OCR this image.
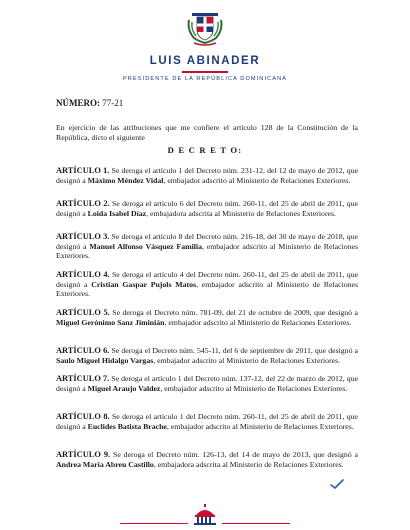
LUIS ABINADER
PRESIDENTE DE LA REPÚBLICA DOMINICANA
NÚMERO: 77-21
En ejercicio de las atribuciones que me confiere el artículo 128 de la Constitución de la República, dicto el siguiente
D E C R E T O:
ARTÍCULO 1. Se deroga el artículo 1 del Decreto núm. 231-12, del 12 de mayo de 2012, que designó a Máximo Méndez Vidal, embajador adscrito al Ministerio de Relaciones Exteriores.
ARTÍCULO 2. Se deroga el artículo 6 del Decreto núm. 260-11, del 25 de abril de 2011, que designó a Loida Isabel Díaz, embajadora adscrita al Ministerio de Relaciones Exteriores.
ARTÍCULO 3. Se deroga el artículo 8 del Decreto núm. 216-18, del 30 de mayo de 2018, que designó a Manuel Alfonso Vásquez Familia, embajador adscrito al Ministerio de Relaciones Exteriores.
ARTÍCULO 4. Se deroga el artículo 4 del Decreto núm. 260-11, del 25 de abril de 2011, que designó a Cristian Gaspar Pujols Matos, embajador adscrito al Ministerio de Relaciones Exteriores.
ARTÍCULO 5. Se deroga el Decreto núm. 781-09, del 21 de octubre de 2009, que designó a Miguel Gerónimo Sanz Jiminián, embajador adscrito al Ministerio de Relaciones Exteriores.
ARTÍCULO 6. Se deroga el Decreto núm. 545-11, del 6 de septiembre de 2011, que designó a Saulo Miguel Hidalgo Vargas, embajador adscrito al Ministerio de Relaciones Exteriores.
ARTÍCULO 7. Se deroga el artículo 1 del Decreto núm. 137-12, del 22 de marzo de 2012, que designó a Miguel Araujo Valdez, embajador adscrito al Ministerio de Relaciones Exteriores.
ARTÍCULO 8. Se deroga el artículo 1 del Decreto núm. 260-11, del 25 de abril de 2011, que designó a Euclides Batista Brache, embajador adscrito al Ministerio de Relaciones Exteriores.
ARTÍCULO 9. Se deroga el Decreto núm. 126-13, del 14 de mayo de 2013, que designó a Andrea María Abreu Castillo, embajadora adscrita al Ministerio de Relaciones Exteriores.
